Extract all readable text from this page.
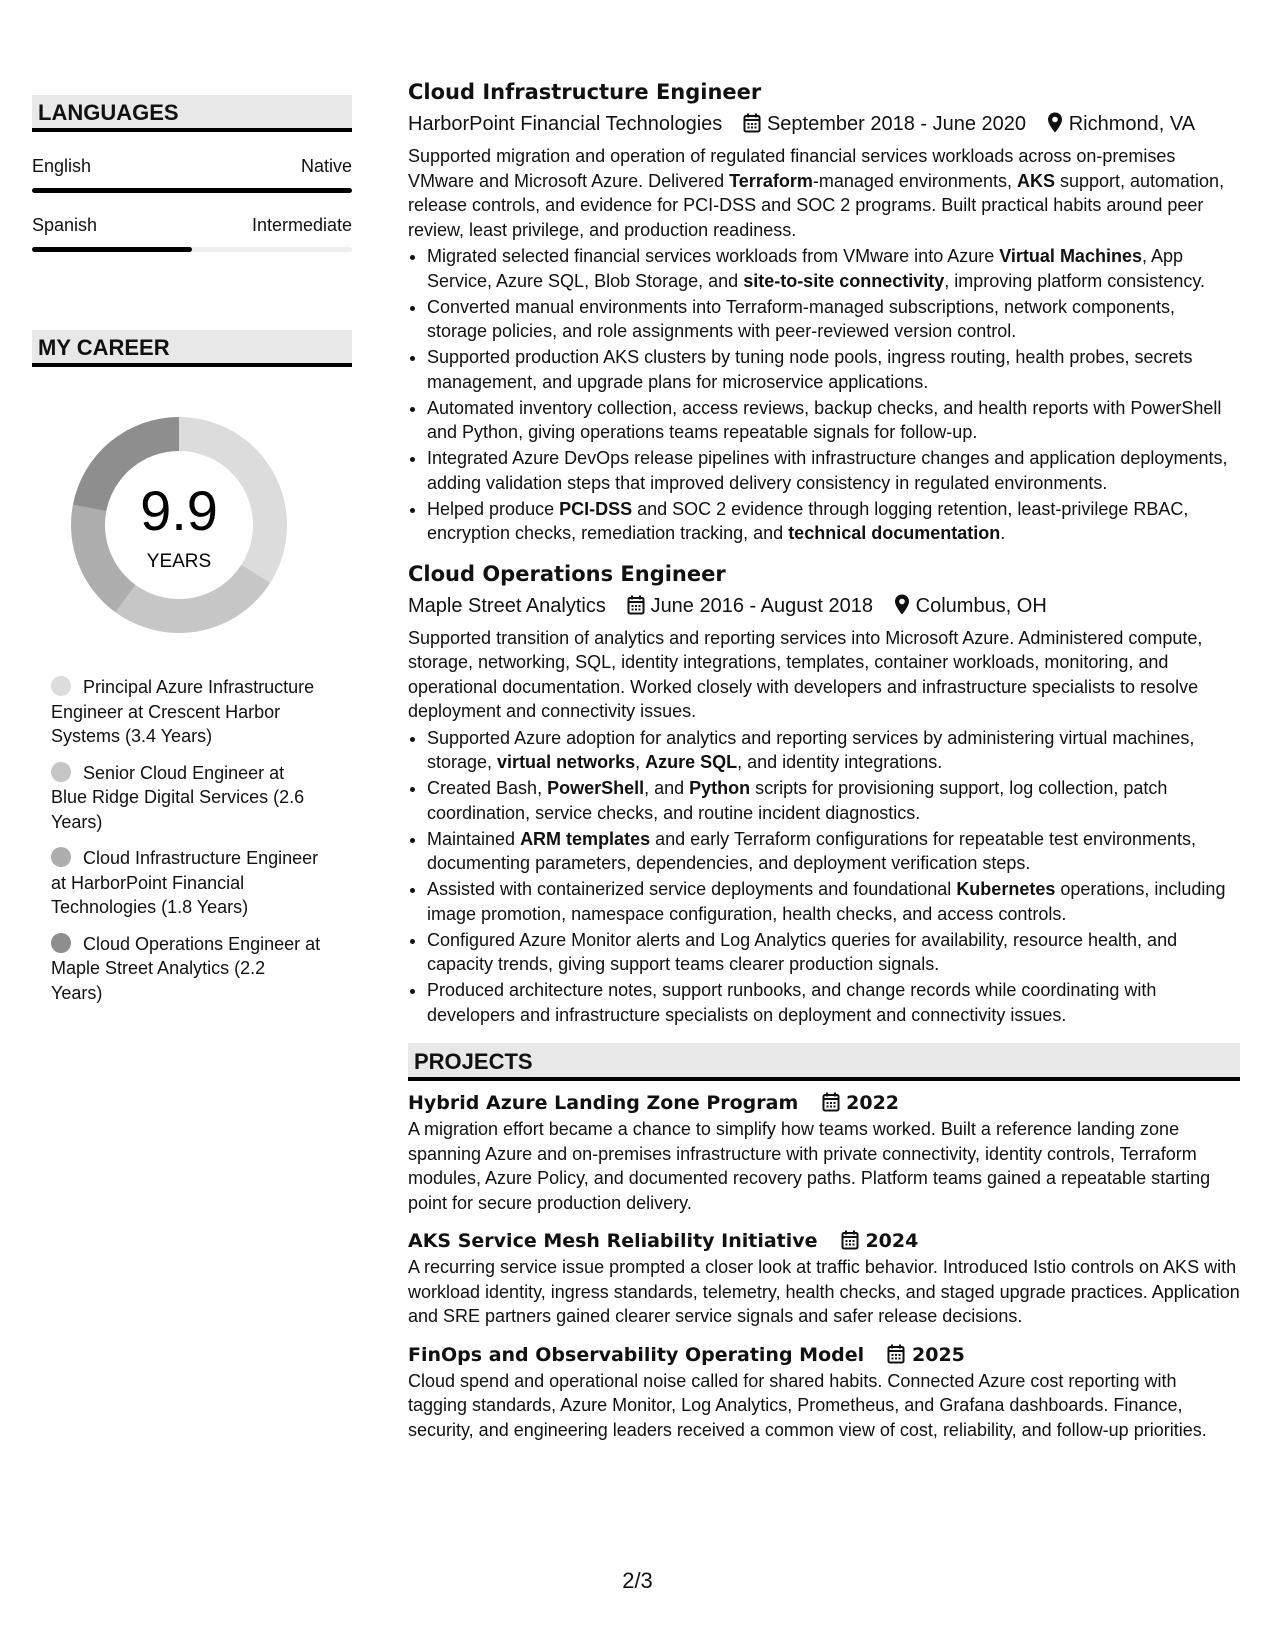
LANGUAGES
English	Native
Spanish	Intermediate
MY CAREER
9.9
YEARS
Principal Azure Infrastructure Engineer at Crescent Harbor Systems (3.4 Years)
Senior Cloud Engineer at Blue Ridge Digital Services (2.6 Years)
Cloud Infrastructure Engineer at HarborPoint Financial Technologies (1.8 Years)
Cloud Operations Engineer at Maple Street Analytics (2.2 Years)
Cloud Infrastructure Engineer
HarborPoint Financial Technologies September 2018 - June 2020 Richmond, VA

Supported migration and operation of regulated financial services workloads across on-premises VMware and Microsoft Azure. Delivered Terraform-managed environments, AKS support, automation, release controls, and evidence for PCI-DSS and SOC 2 programs. Built practical habits around peer review, least privilege, and production readiness.

• Migrated selected financial services workloads from VMware into Azure Virtual Machines, App Service, Azure SQL, Blob Storage, and site-to-site connectivity, improving platform consistency.
• Converted manual environments into Terraform-managed subscriptions, network components, storage policies, and role assignments with peer-reviewed version control.
• Supported production AKS clusters by tuning node pools, ingress routing, health probes, secrets management, and upgrade plans for microservice applications.
• Automated inventory collection, access reviews, backup checks, and health reports with PowerShell and Python, giving operations teams repeatable signals for follow-up.
• Integrated Azure DevOps release pipelines with infrastructure changes and application deployments, adding validation steps that improved delivery consistency in regulated environments.
• Helped produce PCI-DSS and SOC 2 evidence through logging retention, least-privilege RBAC, encryption checks, remediation tracking, and technical documentation.
Cloud Operations Engineer
Maple Street Analytics June 2016 - August 2018 Columbus, OH

Supported transition of analytics and reporting services into Microsoft Azure. Administered compute, storage, networking, SQL, identity integrations, templates, container workloads, monitoring, and operational documentation. Worked closely with developers and infrastructure specialists to resolve deployment and connectivity issues.

• Supported Azure adoption for analytics and reporting services by administering virtual machines, storage, virtual networks, Azure SQL, and identity integrations.
• Created Bash, PowerShell, and Python scripts for provisioning support, log collection, patch coordination, service checks, and routine incident diagnostics.
• Maintained ARM templates and early Terraform configurations for repeatable test environments, documenting parameters, dependencies, and deployment verification steps.
• Assisted with containerized service deployments and foundational Kubernetes operations, including image promotion, namespace configuration, health checks, and access controls.
• Configured Azure Monitor alerts and Log Analytics queries for availability, resource health, and capacity trends, giving support teams clearer production signals.
• Produced architecture notes, support runbooks, and change records while coordinating with developers and infrastructure specialists on deployment and connectivity issues.
PROJECTS
Hybrid Azure Landing Zone Program	2022

A migration effort became a chance to simplify how teams worked. Built a reference landing zone spanning Azure and on-premises infrastructure with private connectivity, identity controls, Terraform modules, Azure Policy, and documented recovery paths. Platform teams gained a repeatable starting point for secure production delivery.

AKS Service Mesh Reliability Initiative	2024

A recurring service issue prompted a closer look at traffic behavior. Introduced Istio controls on AKS with workload identity, ingress standards, telemetry, health checks, and staged upgrade practices. Application and SRE partners gained clearer service signals and safer release decisions.

FinOps and Observability Operating Model	2025

Cloud spend and operational noise called for shared habits. Connected Azure cost reporting with tagging standards, Azure Monitor, Log Analytics, Prometheus, and Grafana dashboards. Finance, security, and engineering leaders received a common view of cost, reliability, and follow-up priorities.

2/3
